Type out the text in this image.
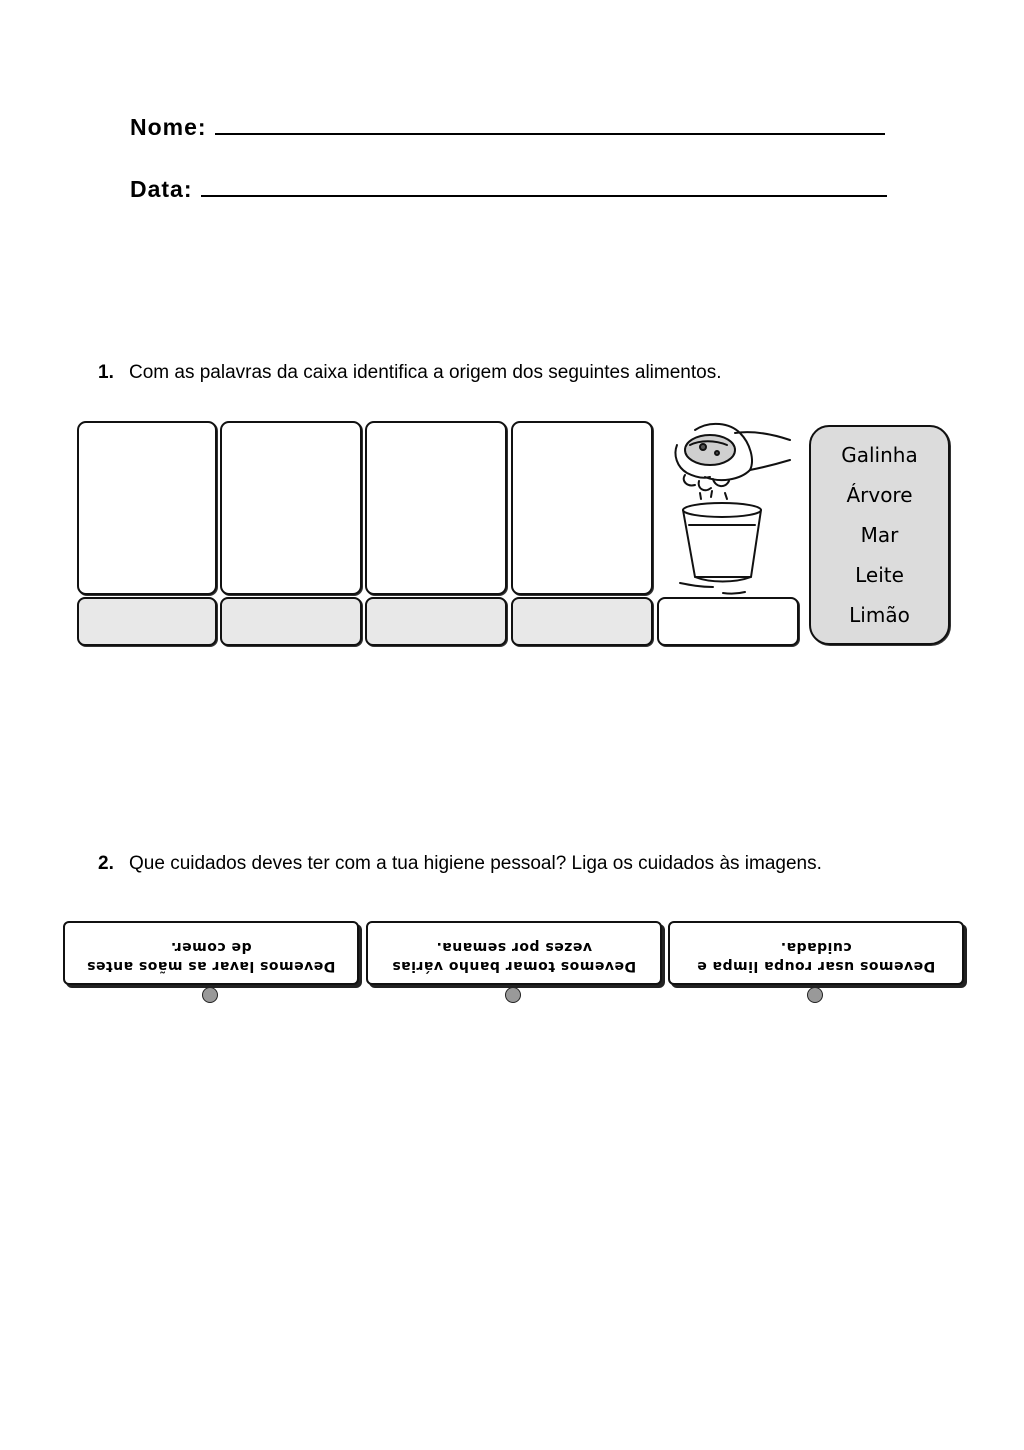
Nome:
Data:
1. Com as palavras da caixa identifica a origem dos seguintes alimentos.
Galinha
Árvore
Mar
Leite
Limão
2. Que cuidados deves ter com a tua higiene pessoal? Liga os cuidados às imagens.
Devemos lavar as mãos antes
de comer.
Devemos tomar banho várias
vezes por semana.
Devemos usar roupa limpa e
cuidada.
